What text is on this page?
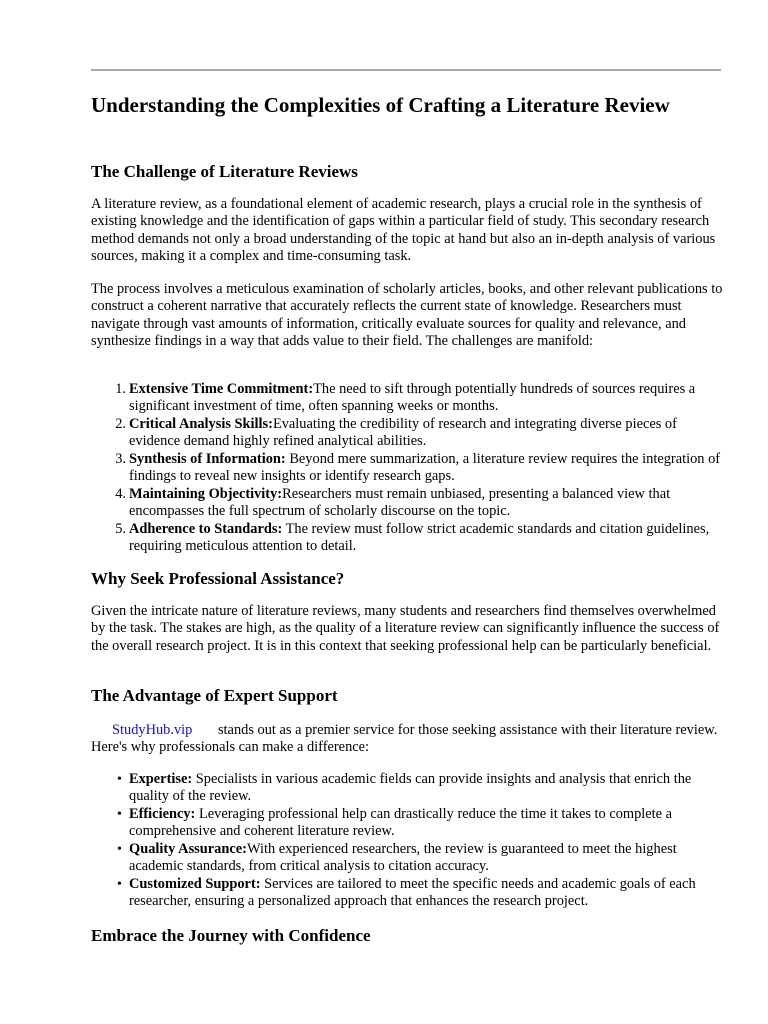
Understanding the Complexities of Crafting a Literature Review
The Challenge of Literature Reviews

A literature review, as a foundational element of academic research, plays a crucial role in the synthesis of existing knowledge and the identification of gaps within a particular field of study. This secondary research method demands not only a broad understanding of the topic at hand but also an in-depth analysis of various sources, making it a complex and time-consuming task.

The process involves a meticulous examination of scholarly articles, books, and other relevant publications to construct a coherent narrative that accurately reflects the current state of knowledge. Researchers must navigate through vast amounts of information, critically evaluate sources for quality and relevance, and synthesize findings in a way that adds value to their field. The challenges are manifold:

1. Extensive Time Commitment:The need to sift through potentially hundreds of sources requires a significant investment of time, often spanning weeks or months.
2. Critical Analysis Skills:Evaluating the credibility of research and integrating diverse pieces of evidence demand highly refined analytical abilities.
3. Synthesis of Information: Beyond mere summarization, a literature review requires the integration of findings to reveal new insights or identify research gaps.
4. Maintaining Objectivity:Researchers must remain unbiased, presenting a balanced view that encompasses the full spectrum of scholarly discourse on the topic.
5. Adherence to Standards: The review must follow strict academic standards and citation guidelines, requiring meticulous attention to detail.
Why Seek Professional Assistance?

Given the intricate nature of literature reviews, many students and researchers find themselves overwhelmed by the task. The stakes are high, as the quality of a literature review can significantly influence the success of the overall research project. It is in this context that seeking professional help can be particularly beneficial.

The Advantage of Expert Support

StudyHub.vip stands out as a premier service for those seeking assistance with their literature review. Here's why professionals can make a difference:

• Expertise: Specialists in various academic fields can provide insights and analysis that enrich the quality of the review.
• Efficiency: Leveraging professional help can drastically reduce the time it takes to complete a comprehensive and coherent literature review.
• Quality Assurance:With experienced researchers, the review is guaranteed to meet the highest academic standards, from critical analysis to citation accuracy.
• Customized Support: Services are tailored to meet the specific needs and academic goals of each researcher, ensuring a personalized approach that enhances the research project.
Embrace the Journey with Confidence
